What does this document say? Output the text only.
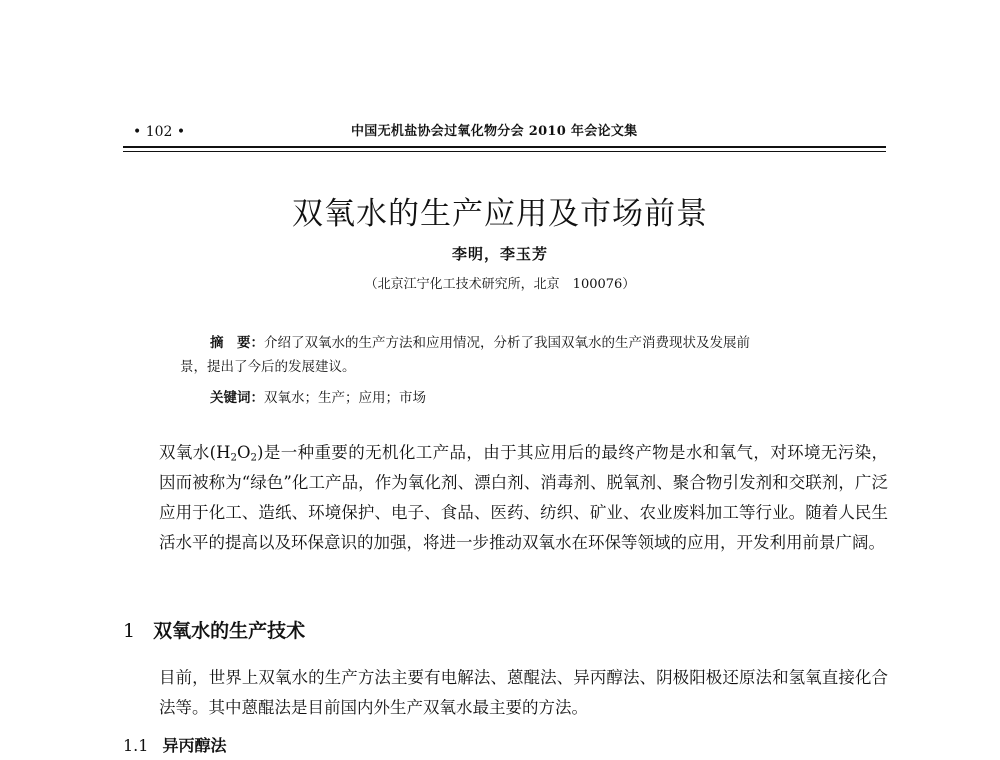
• 102 •	中国无机盐协会过氧化物分会 2010 年会论文集
双氧水的生产应用及市场前景
李明，李玉芳
（北京江宁化工技术研究所，北京　100076）
摘　要：介绍了双氧水的生产方法和应用情况，分析了我国双氧水的生产消费现状及发展前
景，提出了今后的发展建议。
关键词：双氧水；生产；应用；市场
双氧水$(H_2O_2)$是一种重要的无机化工产品，由于其应用后的最终产物是水和氧气，对环境无污染，因而被称为“绿色”化工产品，作为氧化剂、漂白剂、消毒剂、脱氧剂、聚合物引发剂和交联剂，广泛应用于化工、造纸、环境保护、电子、食品、医药、纺织、矿业、农业废料加工等行业。随着人民生活水平的提高以及环保意识的加强，将进一步推动双氧水在环保等领域的应用，开发利用前景广阔。
1 双氧水的生产技术
目前，世界上双氧水的生产方法主要有电解法、蒽醌法、异丙醇法、阴极阳极还原法和氢氧直接化合法等。其中蒽醌法是目前国内外生产双氧水最主要的方法。
1.1 异丙醇法
